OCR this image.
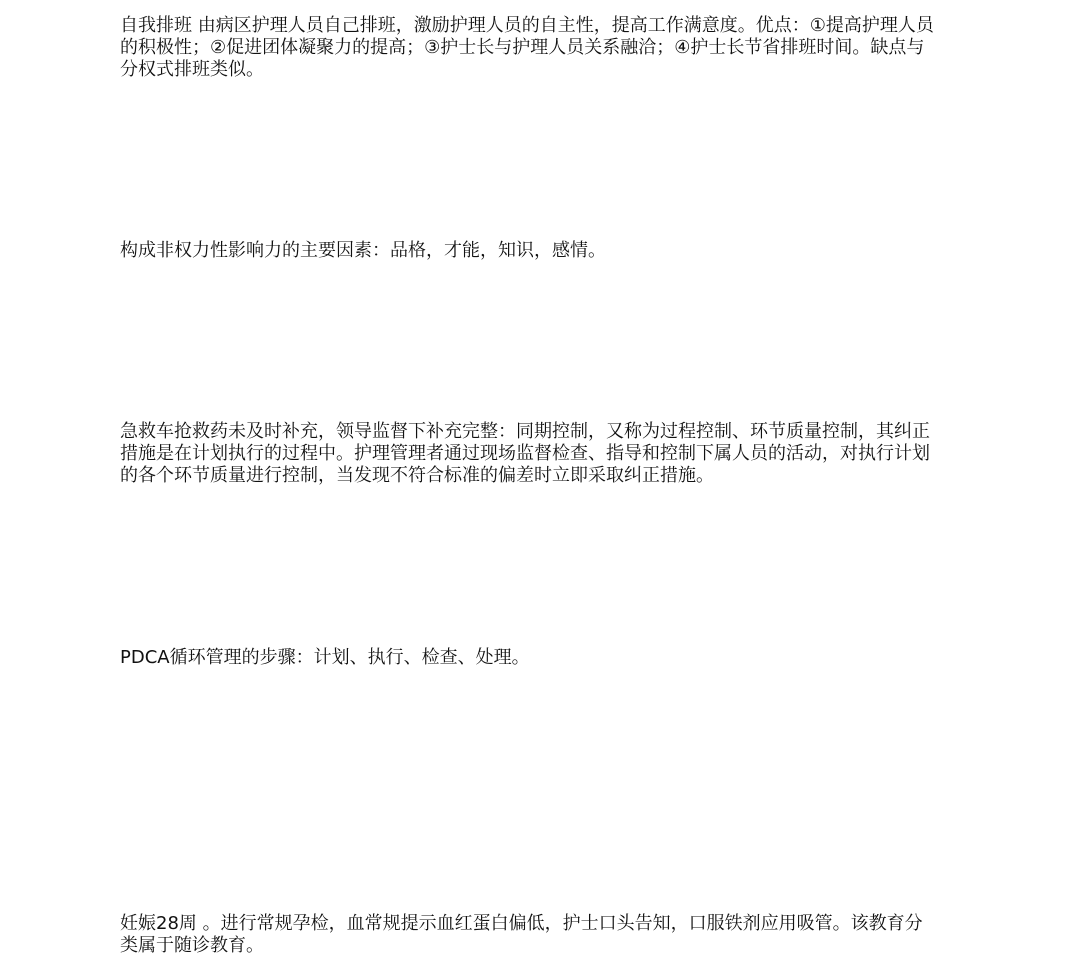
自我排班 由病区护理人员自己排班，激励护理人员的自主性，提高工作满意度。优点：①提高护理人员的积极性；②促进团体凝聚力的提高；③护士长与护理人员关系融洽；④护士长节省排班时间。缺点与分权式排班类似。

构成非权力性影响力的主要因素：品格，才能，知识，感情。

急救车抢救药未及时补充，领导监督下补充完整：同期控制，又称为过程控制、环节质量控制，其纠正措施是在计划执行的过程中。护理管理者通过现场监督检查、指导和控制下属人员的活动，对执行计划的各个环节质量进行控制，当发现不符合标准的偏差时立即采取纠正措施。

PDCA循环管理的步骤：计划、执行、检查、处理。

妊娠28周 。进行常规孕检，血常规提示血红蛋白偏低，护士口头告知，口服铁剂应用吸管。该教育分类属于随诊教育。
